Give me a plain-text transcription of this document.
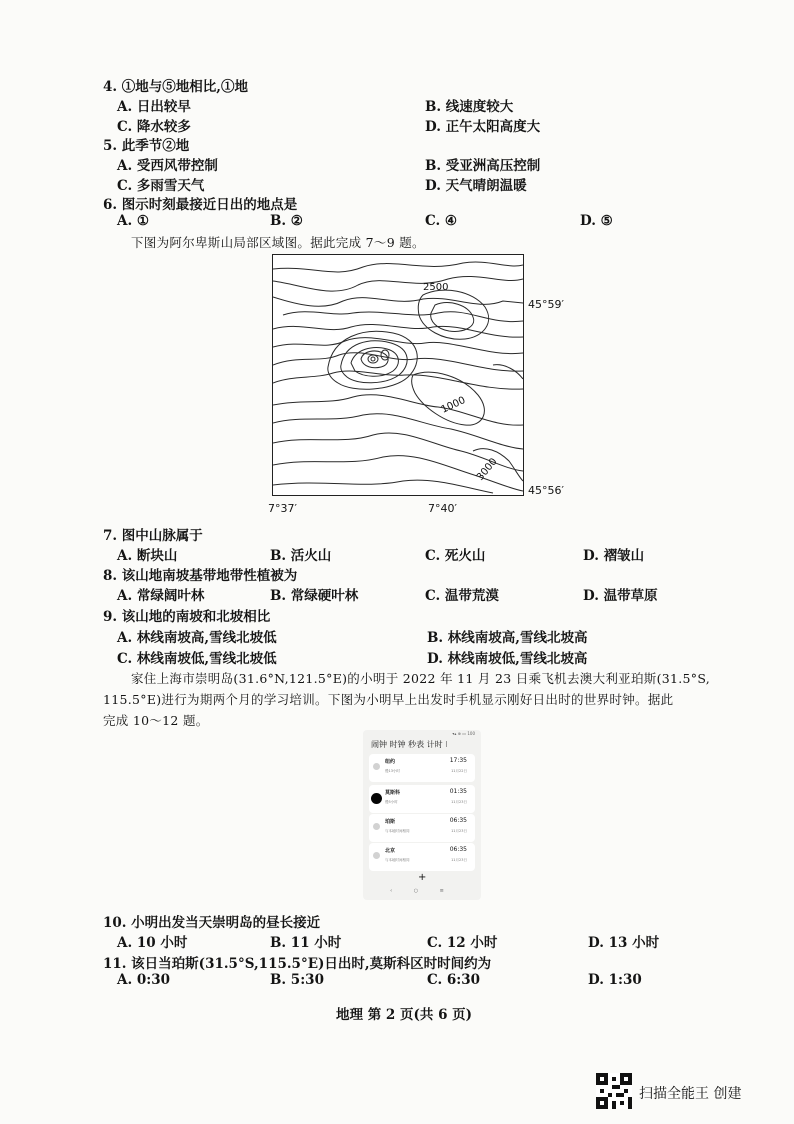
4. ①地与⑤地相比,①地
A. 日出较早	B. 线速度较大
C. 降水较多	D. 正午太阳高度大
5. 此季节②地
A. 受西风带控制	B. 受亚洲高压控制
C. 多雨雪天气	D. 天气晴朗温暖
6. 图示时刻最接近日出的地点是
A. ①	B. ②	C. ④	D. ⑤
下图为阿尔卑斯山局部区域图。据此完成 7～9 题。
2500
1000
3000
45°59′
45°56′
7°37′	7°40′
7. 图中山脉属于
A. 断块山	B. 活火山	C. 死火山	D. 褶皱山
8. 该山地南坡基带地带性植被为
A. 常绿阔叶林	B. 常绿硬叶林	C. 温带荒漠	D. 温带草原
9. 该山地的南坡和北坡相比
A. 林线南坡高,雪线北坡低	B. 林线南坡高,雪线北坡高
C. 林线南坡低,雪线北坡低	D. 林线南坡低,雪线北坡高
家住上海市崇明岛(31.6°N,121.5°E)的小明于 2022 年 11 月 23 日乘飞机去澳大利亚珀斯(31.5°S,
115.5°E)进行为期两个月的学习培训。下图为小明早上出发时手机显示刚好日出时的世界时钟。据此
完成 10～12 题。
▾▴ ⊕ ▭ 100
闹钟 时钟 秒表 计时 ⁝
纽约
慢13小时
17:35
11月22日
莫斯科
慢5小时
01:35
11月23日
珀斯
与本地时间相同
06:35
11月23日
北京
与本地时间相同
06:35
11月23日
+
‹ ○ ≡
10. 小明出发当天崇明岛的昼长接近
A. 10 小时	B. 11 小时	C. 12 小时	D. 13 小时
11. 该日当珀斯(31.5°S,115.5°E)日出时,莫斯科区时时间约为
A. 0:30	B. 5:30	C. 6:30	D. 1:30
地理 第 2 页(共 6 页)
扫描全能王 创建
